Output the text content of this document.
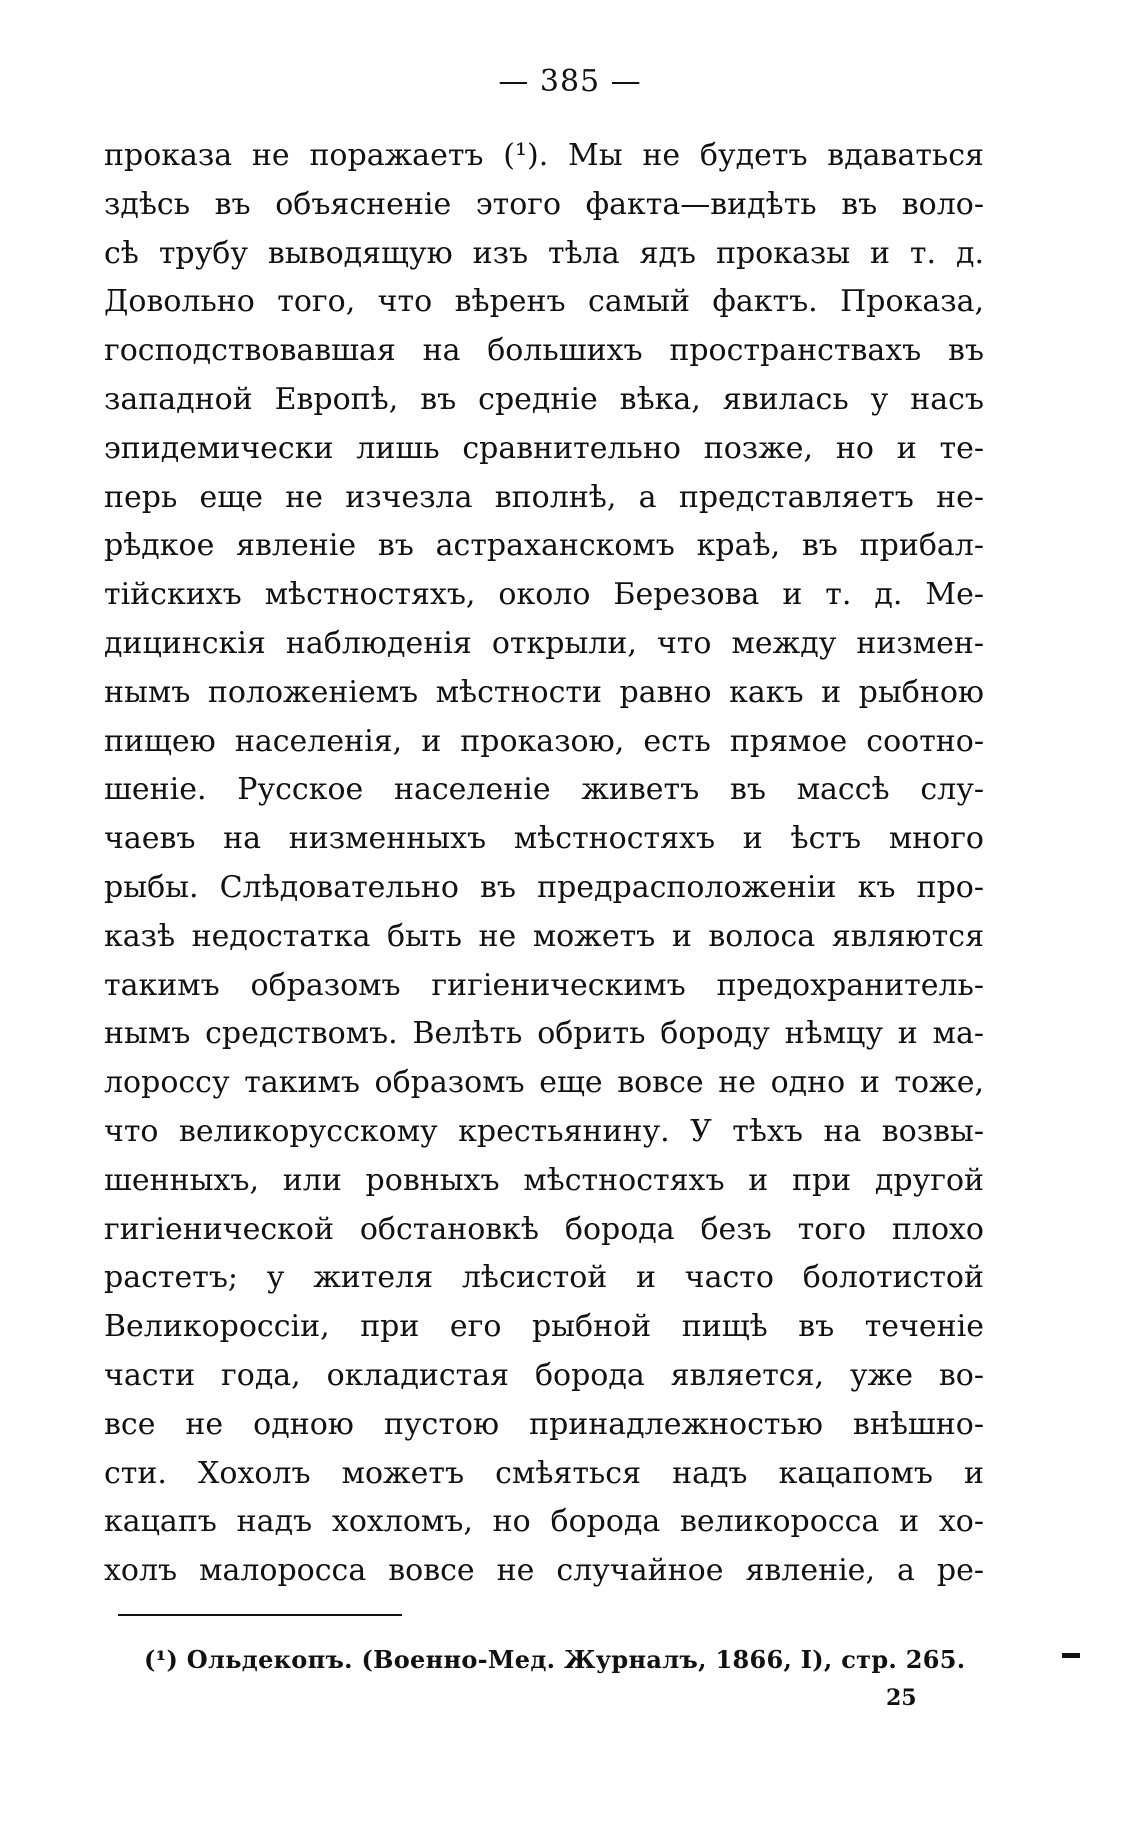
— 385 —
проказа не поражаетъ (¹). Мы не будетъ вдаваться
здѣсь въ объясненіе этого факта—видѣть въ воло-
сѣ трубу выводящую изъ тѣла ядъ проказы и т. д.
Довольно того, что вѣренъ самый фактъ. Проказа,
господствовавшая на большихъ пространствахъ въ
западной Европѣ, въ средніе вѣка, явилась у насъ
эпидемически лишь сравнительно позже, но и те-
перь еще не изчезла вполнѣ, а представляетъ не-
рѣдкое явленіе въ астраханскомъ краѣ, въ прибал-
тійскихъ мѣстностяхъ, около Березова и т. д. Ме-
дицинскія наблюденія открыли, что между низмен-
нымъ положеніемъ мѣстности равно какъ и рыбною
пищею населенія, и проказою, есть прямое соотно-
шеніе. Русское населеніе живетъ въ массѣ слу-
чаевъ на низменныхъ мѣстностяхъ и ѣстъ много
рыбы. Слѣдовательно въ предрасположеніи къ про-
казѣ недостатка быть не можетъ и волоса являются
такимъ образомъ гигіеническимъ предохранитель-
нымъ средствомъ. Велѣть обрить бороду нѣмцу и ма-
лороссу такимъ образомъ еще вовсе не одно и тоже,
что великорусскому крестьянину. У тѣхъ на возвы-
шенныхъ, или ровныхъ мѣстностяхъ и при другой
гигіенической обстановкѣ борода безъ того плохо
растетъ; у жителя лѣсистой и часто болотистой
Великороссіи, при его рыбной пищѣ въ теченіе
части года, окладистая борода является, уже во-
все не одною пустою принадлежностью внѣшно-
сти. Хохолъ можетъ смѣяться надъ кацапомъ и
кацапъ надъ хохломъ, но борода великоросса и хо-
холъ малоросса вовсе не случайное явленіе, а ре-
(¹) Ольдекопъ. (Военно-Мед. Журналъ, 1866, I), стр. 265.
25
